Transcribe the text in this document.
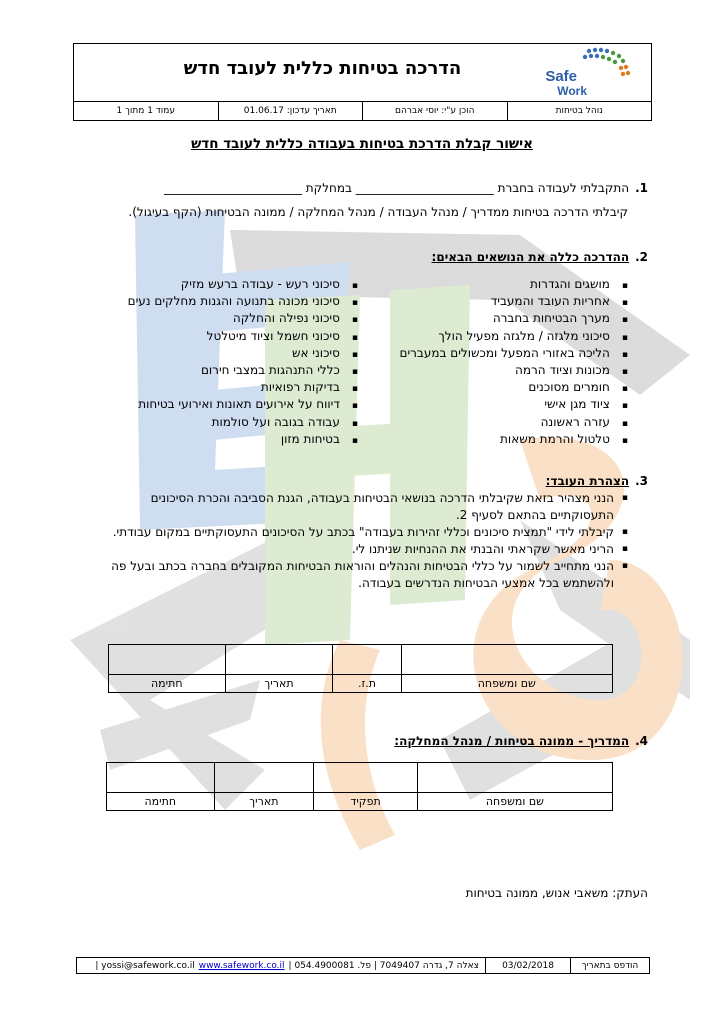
Safe
Work
הדרכה בטיחות כללית לעובד חדש
נוהל בטיחות
הוכן ע"י: יוסי אברהם
תאריך עדכון: 01.06.17
עמוד 1 מתוך 1
אישור קבלת הדרכת בטיחות בעבודה כללית לעובד חדש
1.התקבלתי לעבודה בחברת _______________________ במחלקת _______________________
קיבלתי הדרכה בטיחות ממדריך / מנהל העבודה / מנהל המחלקה / ממונה הבטיחות (הקף בעיגול).
2.ההדרכה כללה את הנושאים הבאים:
▪ מושגים והגדרות
▪ אחריות העובד והמעביד
▪ מערך הבטיחות בחברה
▪ סיכוני מלגזה / מלגזה מפעיל הולך
▪ הליכה באזורי המפעל ומכשולים במעברים
▪ מכונות וציוד הרמה
▪ חומרים מסוכנים
▪ ציוד מגן אישי
▪ עזרה ראשונה
▪ טלטול והרמת משאות
▪ סיכוני רעש - עבודה ברעש מזיק
▪ סיכוני מכונה בתנועה והגנות מחלקים נעים
▪ סיכוני נפילה והחלקה
▪ סיכוני חשמל וציוד מיטלטל
▪ סיכוני אש
▪ כללי התנהגות במצבי חירום
▪ בדיקות רפואיות
▪ דיווח על אירועים תאונות ואירועי בטיחות
▪ עבודה בגובה ועל סולמות
▪ בטיחות מזון
3.הצהרת העובד:
▪ הנני מצהיר בזאת שקיבלתי הדרכה בנושאי הבטיחות בעבודה, הגנת הסביבה והכרת הסיכונים התעסוקתיים בהתאם לסעיף 2.
▪ קיבלתי לידי "תמצית סיכונים וכללי זהירות בעבודה" בכתב על הסיכונים התעסוקתיים במקום עבודתי.
▪ הריני מאשר שקראתי והבנתי את ההנחיות שניתנו לי.
▪ הנני מתחייב לשמור על כללי הבטיחות והנהלים והוראות הבטיחות המקובלים בחברה בכתב ובעל פה ולהשתמש בכל אמצעי הבטיחות הנדרשים בעבודה.

שם ומשפחה	ת.ז.	תאריך	חתימה
4.המדריך - ממונה בטיחות / מנהל המחלקה:

שם ומשפחה	תפקיד	תאריך	חתימה
העתק: משאבי אנוש, ממונה בטיחות
הודפס בתאריך
03/02/2018
צאלה 7, גדרה 7049407 | פל. 054.4900081 |
www.safework.co.il
yossi@safework.co.il |
